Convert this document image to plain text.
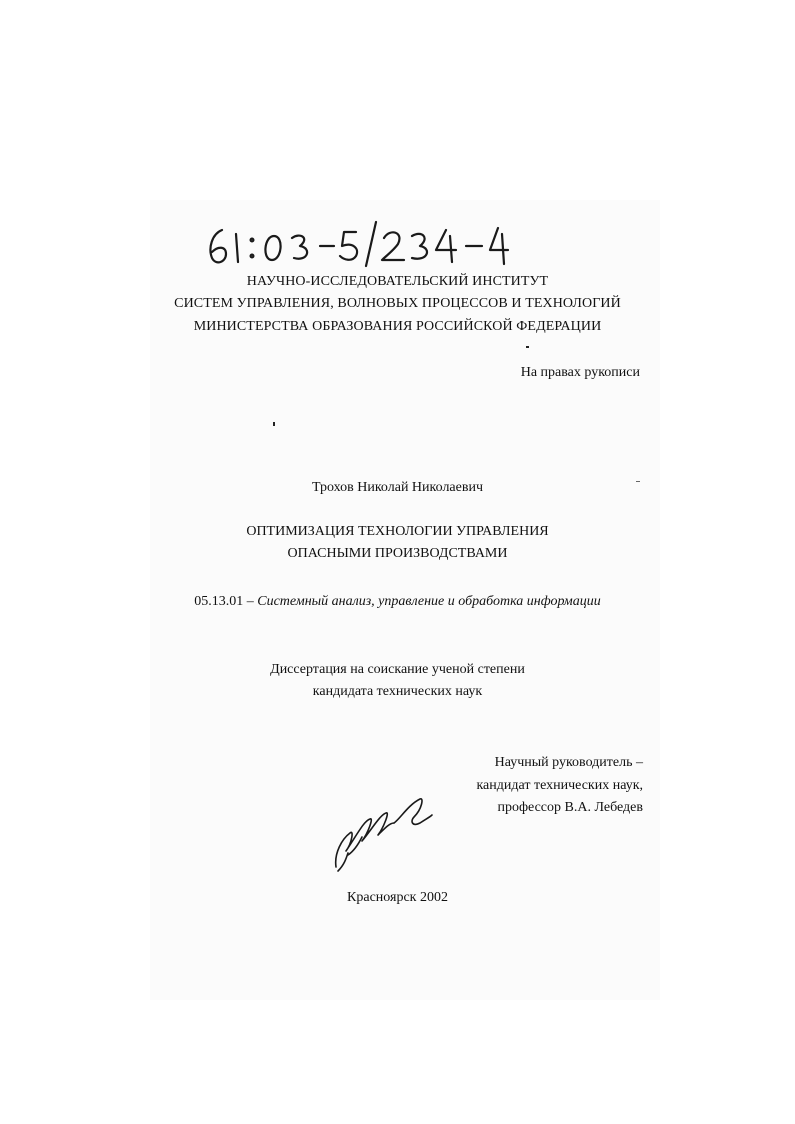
НАУЧНО-ИССЛЕДОВАТЕЛЬСКИЙ ИНСТИТУТ
СИСТЕМ УПРАВЛЕНИЯ, ВОЛНОВЫХ ПРОЦЕССОВ И ТЕХНОЛОГИЙ
МИНИСТЕРСТВА ОБРАЗОВАНИЯ РОССИЙСКОЙ ФЕДЕРАЦИИ
На правах рукописи
Трохов Николай Николаевич
ОПТИМИЗАЦИЯ ТЕХНОЛОГИИ УПРАВЛЕНИЯ
ОПАСНЫМИ ПРОИЗВОДСТВАМИ
05.13.01 – Системный анализ, управление и обработка информации
Диссертация на соискание ученой степени
кандидата технических наук
Научный руководитель –
кандидат технических наук,
профессор В.А. Лебедев
Красноярск 2002
